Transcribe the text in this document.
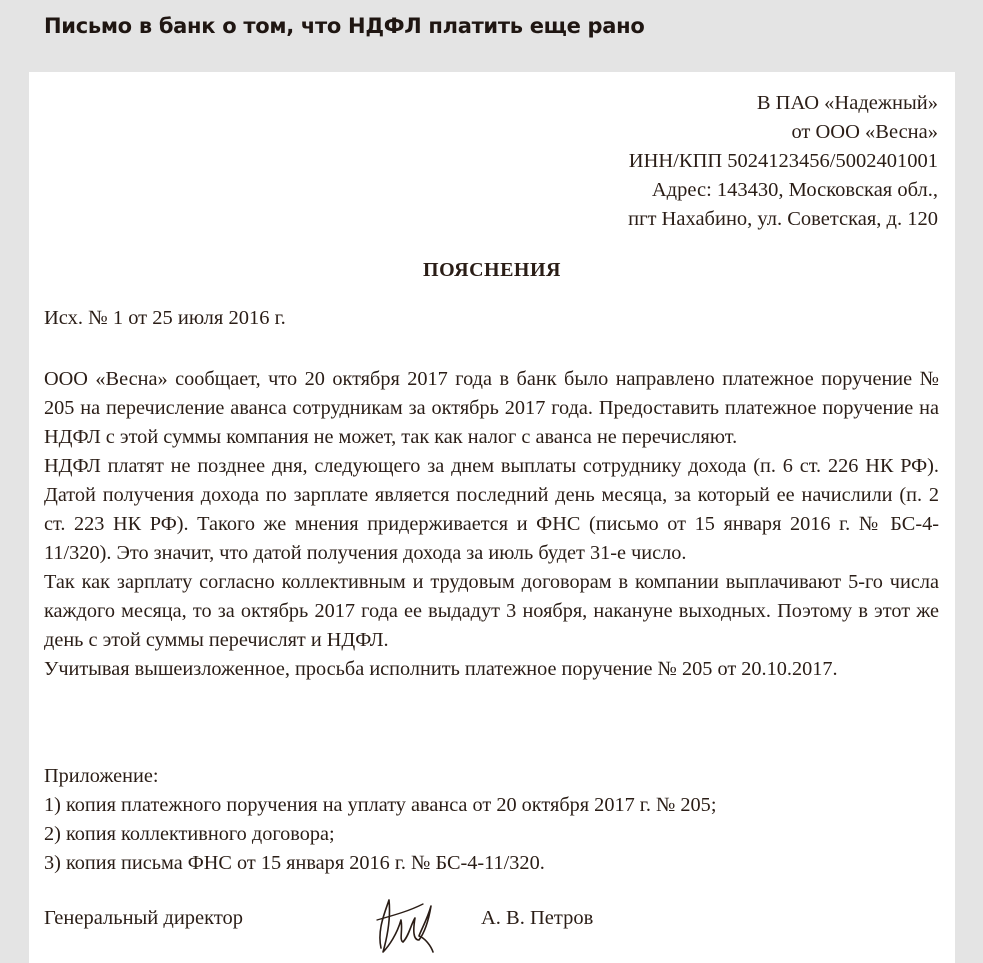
Письмо в банк о том, что НДФЛ платить еще рано
В ПАО «Надежный»
от ООО «Весна»
ИНН/КПП 5024123456/5002401001
Адрес: 143430, Московская обл.,
пгт Нахабино, ул. Советская, д. 120
ПОЯСНЕНИЯ
Исх. № 1 от 25 июля 2016 г.

ООО «Весна» сообщает, что 20 октября 2017 года в банк было направлено платежное поручение № 205 на перечисление аванса сотрудникам за октябрь 2017 года. Предоставить платежное поручение на НДФЛ с этой суммы компания не может, так как налог с аванса не перечисляют.

НДФЛ платят не позднее дня, следующего за днем выплаты сотруднику дохода (п. 6 ст. 226 НК РФ). Датой получения дохода по зарплате является последний день месяца, за который ее начислили (п. 2 ст. 223 НК РФ). Такого же мнения придерживается и ФНС (письмо от 15 января 2016 г. № БС-4-11/320). Это значит, что датой получения дохода за июль будет 31-е число.

Так как зарплату согласно коллективным и трудовым договорам в компании выплачивают 5-го числа каждого месяца, то за октябрь 2017 года ее выдадут 3 ноября, накануне выходных. Поэтому в этот же день с этой суммы перечислят и НДФЛ.

Учитывая вышеизложенное, просьба исполнить платежное поручение № 205 от 20.10.2017.

Приложение:
1) копия платежного поручения на уплату аванса от 20 октября 2017 г. № 205;
2) копия коллективного договора;
3) копия письма ФНС от 15 января 2016 г. № БС-4-11/320.
Генеральный директор	А. В. Петров
